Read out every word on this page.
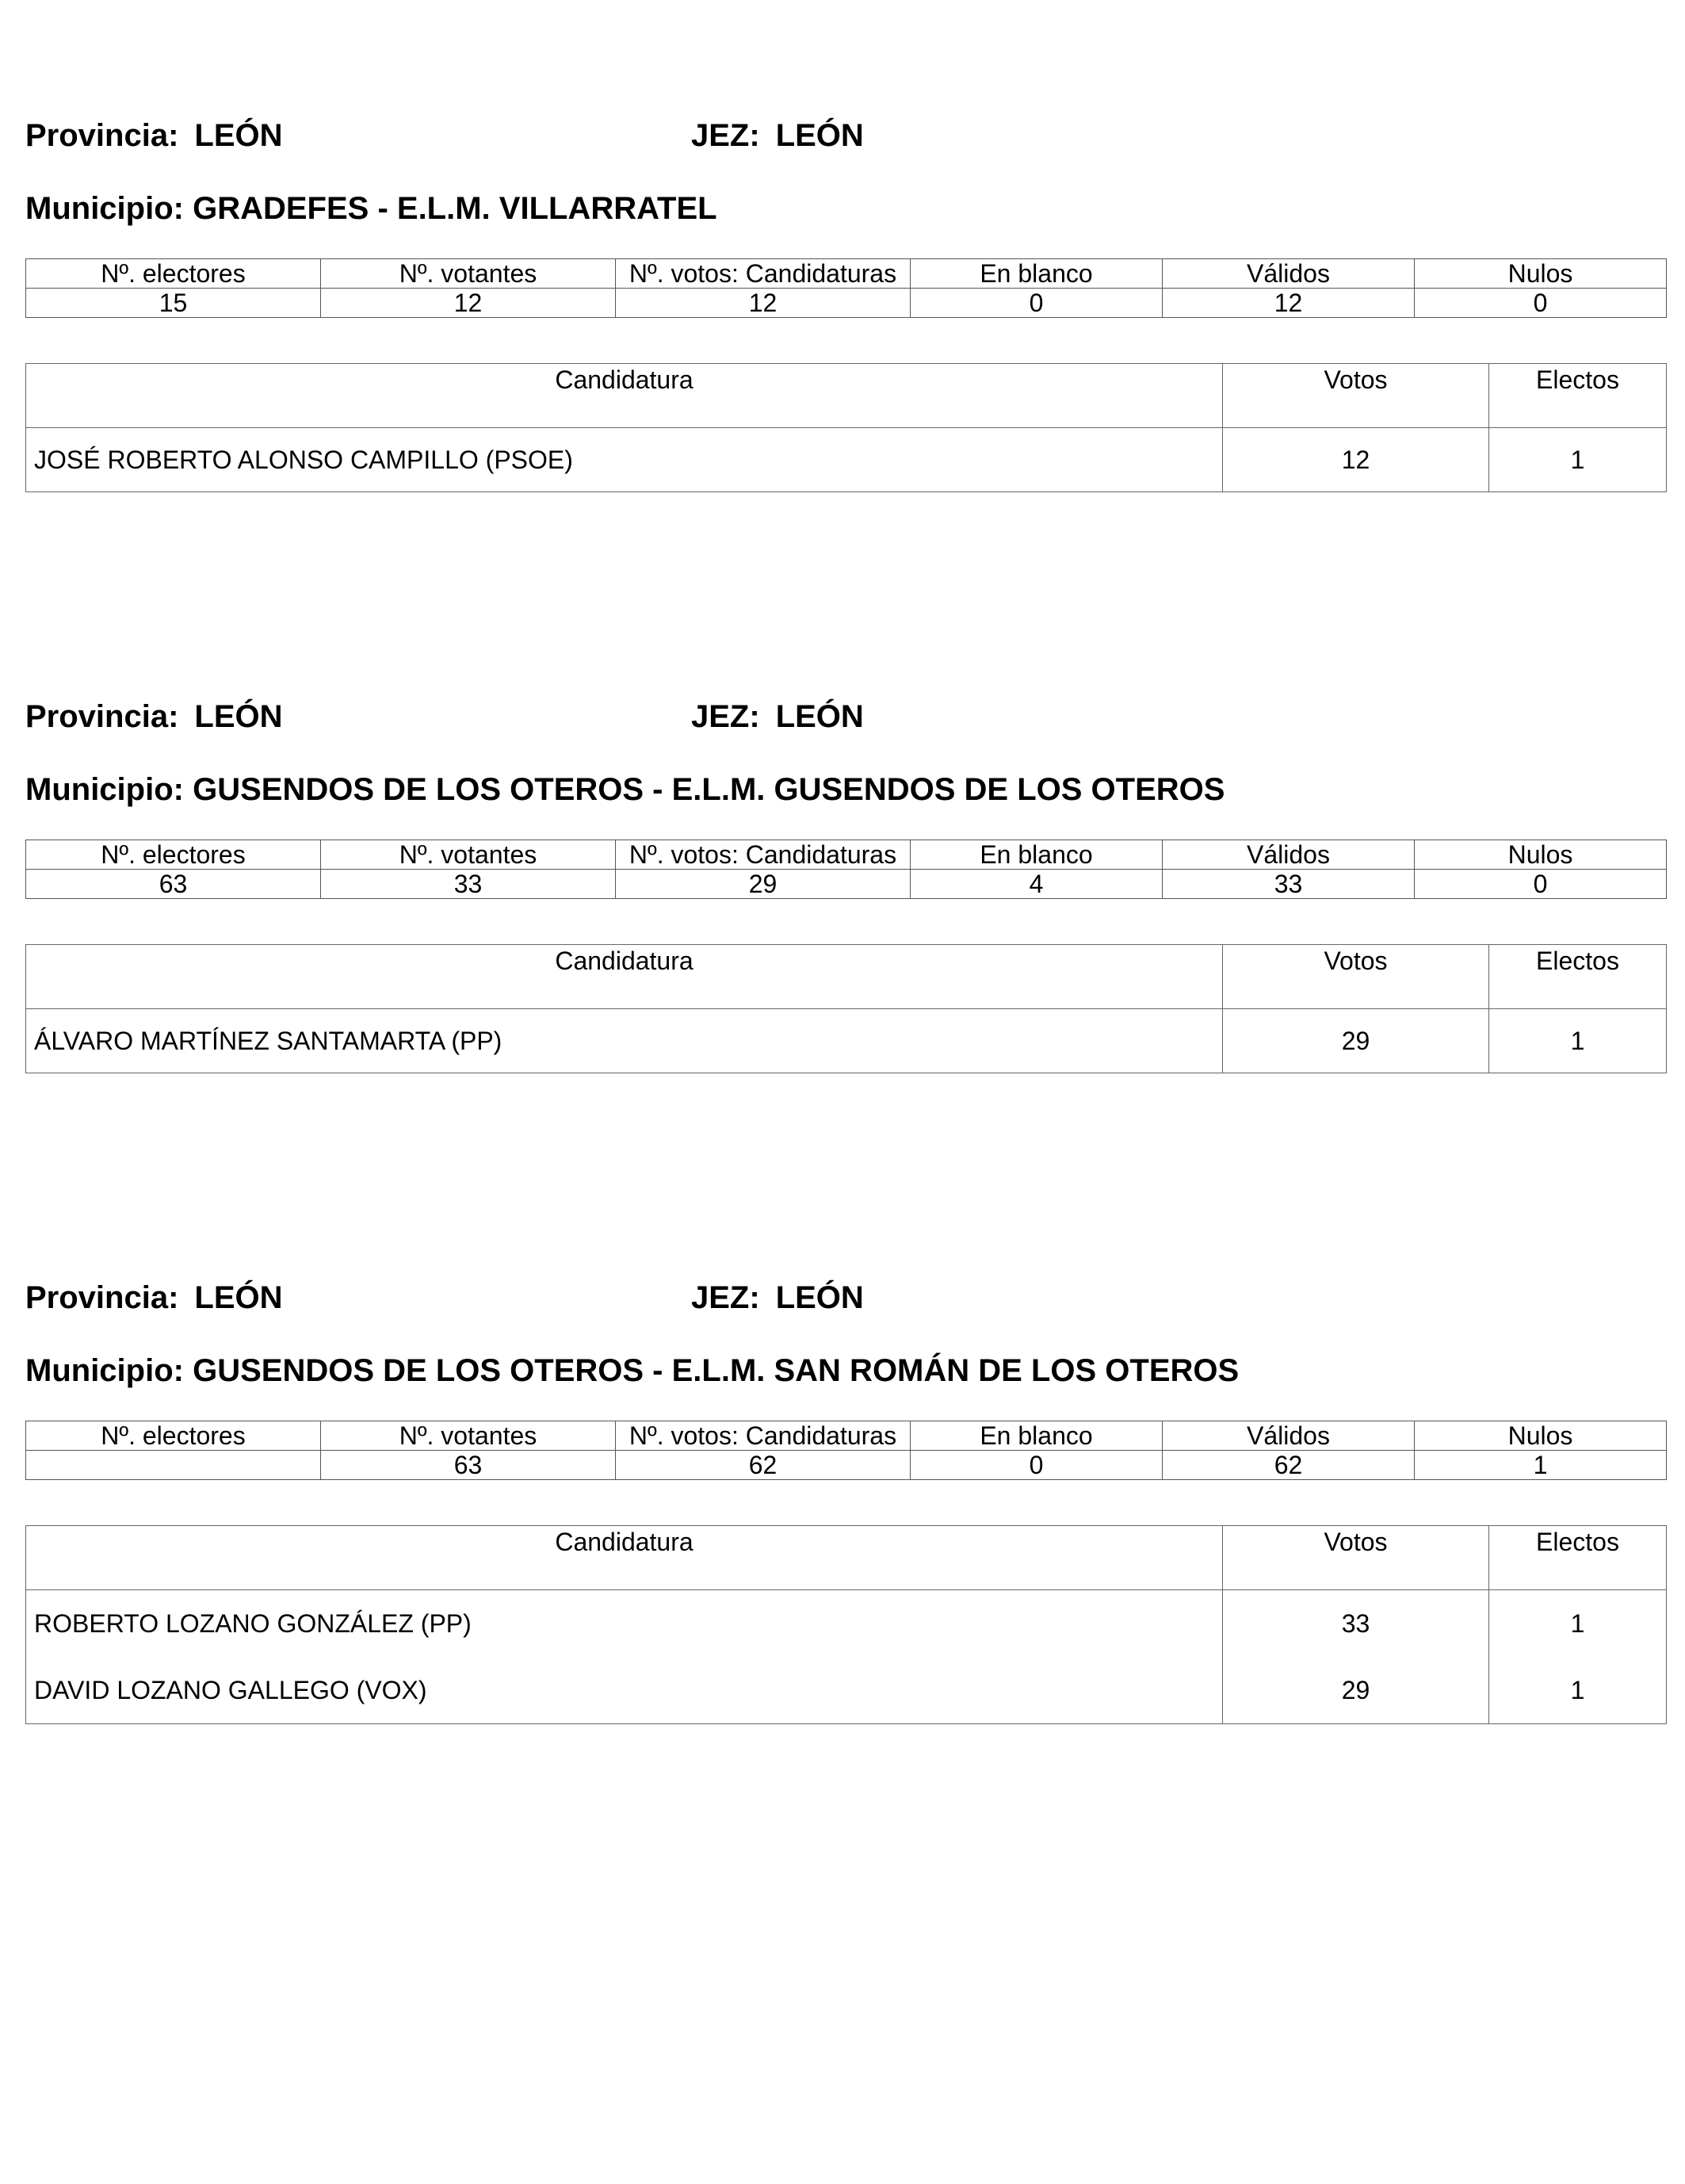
Provincia: LEÓN	JEZ: LEÓN
Municipio: GRADEFES - E.L.M. VILLARRATEL
Nº. electores	Nº. votantes	Nº. votos: Candidaturas	En blanco	Válidos	Nulos
15	12	12	0	12	0
Candidatura	Votos	Electos
JOSÉ ROBERTO ALONSO CAMPILLO (PSOE)	12	1
Provincia: LEÓN	JEZ: LEÓN
Municipio: GUSENDOS DE LOS OTEROS - E.L.M. GUSENDOS DE LOS OTEROS
Nº. electores	Nº. votantes	Nº. votos: Candidaturas	En blanco	Válidos	Nulos
63	33	29	4	33	0
Candidatura	Votos	Electos
ÁLVARO MARTÍNEZ SANTAMARTA (PP)	29	1
Provincia: LEÓN	JEZ: LEÓN
Municipio: GUSENDOS DE LOS OTEROS - E.L.M. SAN ROMÁN DE LOS OTEROS
Nº. electores	Nº. votantes	Nº. votos: Candidaturas	En blanco	Válidos	Nulos
	63	62	0	62	1
Candidatura	Votos	Electos
ROBERTO LOZANO GONZÁLEZ (PP)	33	1
DAVID LOZANO GALLEGO (VOX)	29	1
